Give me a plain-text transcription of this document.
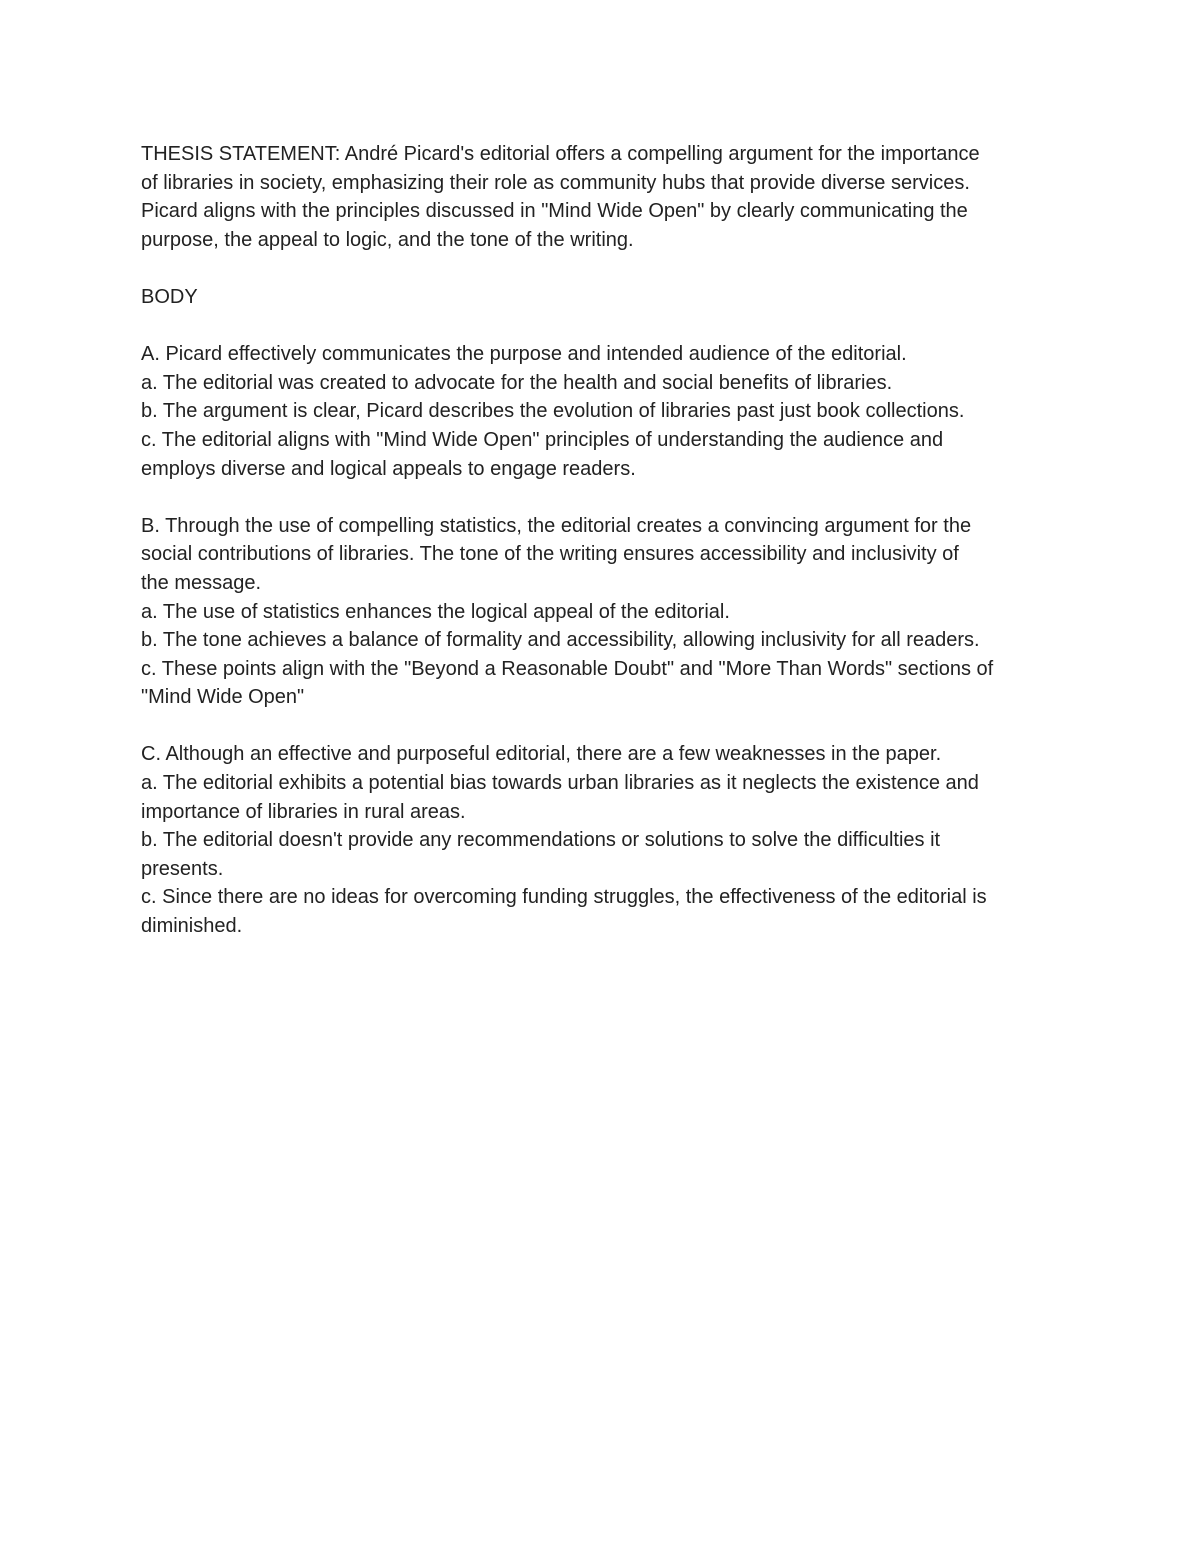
THESIS STATEMENT: André Picard's editorial offers a compelling argument for the importance
of libraries in society, emphasizing their role as community hubs that provide diverse services.
Picard aligns with the principles discussed in "Mind Wide Open" by clearly communicating the
purpose, the appeal to logic, and the tone of the writing.
BODY
A. Picard effectively communicates the purpose and intended audience of the editorial.
a. The editorial was created to advocate for the health and social benefits of libraries.
b. The argument is clear, Picard describes the evolution of libraries past just book collections.
c. The editorial aligns with "Mind Wide Open" principles of understanding the audience and
employs diverse and logical appeals to engage readers.
B. Through the use of compelling statistics, the editorial creates a convincing argument for the
social contributions of libraries. The tone of the writing ensures accessibility and inclusivity of
the message.
a. The use of statistics enhances the logical appeal of the editorial.
b. The tone achieves a balance of formality and accessibility, allowing inclusivity for all readers.
c. These points align with the "Beyond a Reasonable Doubt" and "More Than Words" sections of
"Mind Wide Open"
C. Although an effective and purposeful editorial, there are a few weaknesses in the paper.
a. The editorial exhibits a potential bias towards urban libraries as it neglects the existence and
importance of libraries in rural areas.
b. The editorial doesn't provide any recommendations or solutions to solve the difficulties it
presents.
c. Since there are no ideas for overcoming funding struggles, the effectiveness of the editorial is
diminished.
